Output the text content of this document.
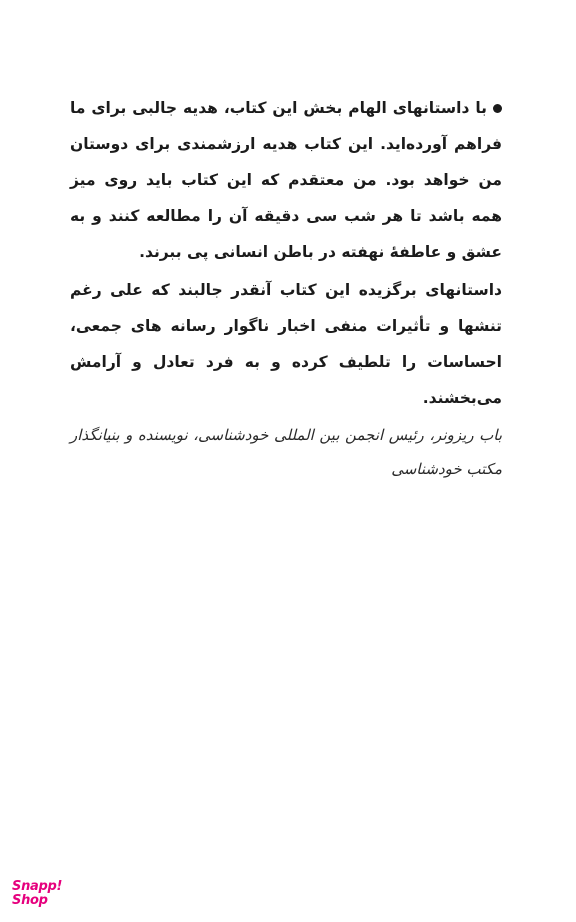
با داستانهای الهام بخش این کتاب، هدیه جالبی برای ما فراهم آورده‌اید. این کتاب هدیه ارزشمندی برای دوستان من خواهد بود. من معتقدم که این کتاب باید روی میز همه باشد تا هر شب سی دقیقه آن را مطالعه کنند و به عشق و عاطفهٔ نهفته در باطن انسانی پی ببرند.

داستانهای برگزیده این کتاب آنقدر جالبند که علی رغم تنشها و تأثیرات منفی اخبار ناگوار رسانه های جمعی، احساسات را تلطیف کرده و به فرد تعادل و آرامش می‌بخشند.

باب ریزونر، رئیس انجمن بین المللی خودشناسی، نویسنده و بنیانگذار مکتب خودشناسی

Snapp!
Shop
